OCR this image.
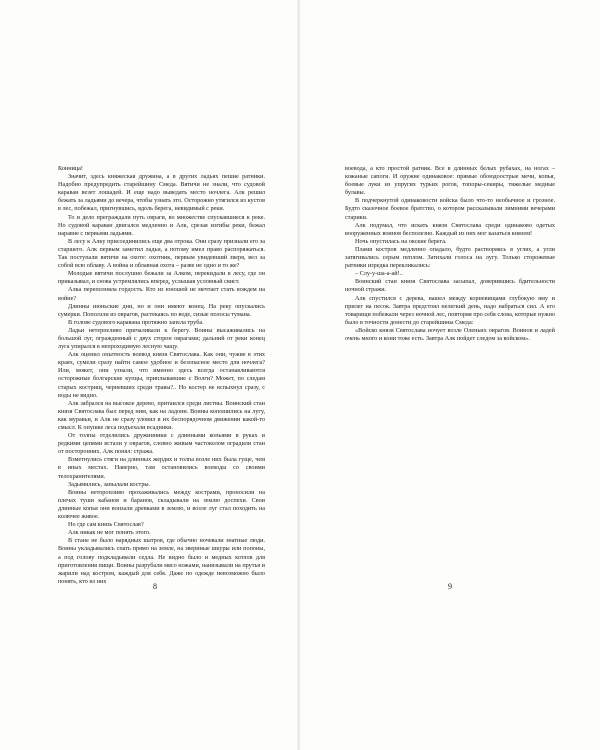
Конница!

Значит, здесь княжеская дружина, а в других ладьях пешие ратники. Надобно предупредить старейшину Смеда. Вятичи не знали, что судовой караван везет лошадей. И еще надо выведать место ночлега. Алк решил бежать за ладьями до вечера, чтобы узнать это. Осторожно утягился из кустов в лес, побежал, пригнувшись, вдоль берега, невидимый с реки.

То и дело преграждали путь овраги, во множестве спускавшиеся к реке. Но судовой караван двигался медленно и Алк, срезая изгибы реки, бежал наравне с первыми ладьями.

В лесу к Алку присоединились еще два отрока. Они сразу признали его за старшего. Алк первым заметил ладьи, а потому имел право распоряжаться. Так поступали вятичи на охоте: охотник, первым увидевший зверя, вел за собой всю облаву. А война и облавная охота – разве не одно и то же?

Молодые вятичи послушно бежали за Алком, перекидали в лесу, где он приказывал, и снова устремлялись вперед, услышав условный свист.

Алка переполняла гордость. Кто из юношей не мечтает стать вождем на войне?

Длинны июньские дни, но и они имеют конец. На реку опускались сумерки. Поползли из оврагов, растекаясь по воде, сизые полосы тумана.

В голове судового каравана протяжно запела труба.

Ладьи нетерпеливо причаливали к берегу. Воины высаживались на большой луг, огражденный с двух сторон оврагами; дальний от реки конец луга упирался в непроходимую лесную чащу.

Алк оценил опытность воевод князя Святослава. Как они, чужие в этих краях, сумели сразу найти самое удобное и безопасное место для ночлега? Или, может, они узнали, что именно здесь всегда останавливаются осторожные болгарские купцы, приплывавшие с Волги? Может, по следам старых кострищ, черневших среди травы?.. Но костер не вспыхнул сразу, с воды не видно.

Алк забрался на высокое дерево, притаился среди листвы. Воинский стан князя Святослава был перед ним, как на ладони. Воины копошились на лугу, как муравьи, и Алк не сразу уловил в их беспорядочном движении какой-то смысл. К опушке леса подъехали всадники.

От толпы отделились дружинники с длинными копьями в руках и редкими цепями встали у оврагов, словно живым частоколом оградили стан от посторонних. Алк понял: стража.

Взметнулись стяги на длинных жердях и толпа возле них была гуще, чем в иных местах. Наверно, там остановились воеводы со своими телохранителями.

Задымились, запылали костры.

Воины неторопливо прохаживались между кострами, проносили на плечах туши кабанов и баранов, складывали на землю доспехи. Свои длинные копья они вонзали древками в землю, и возле луг стал походить на колючее живое.

Но где сам князь Святослав?

Алк никак не мог понять этого.

В стане не было нарядных шатров, где обычно ночевали знатные люди. Воины укладывались спать прямо на земле, на звериные шкуры или попоны, а под голову подкладывали седла. Не видно было и медных котлов для приготовления пищи. Воины разрубали мясо ножами, нанизывали на прутья и жарили над костром, каждый для себя. Даже по одежде невозможно было понять, кто из них

8

воевода, а кто простой ратник. Все в длинных белых рубахах, на ногах – кожаные сапоги. И оружие одинаковое: прямые обоюдоострые мечи, копья, боевые луки из упругих турьих рогов, топоры-секиры, тяжелые медные булавы.

В подчеркнутой одинаковости войска было что-то необычное и грозное. Будто сказочное боевое братство, о котором рассказывали зимними вечерами старики.

Алк подумал, что искать князя Святослава среди одинаково одетых вооруженных воинов бесполезно. Каждый из них мог казаться князем!

Ночь опустилась на окские берега.

Пламя костров медленно опадало, будто растворяясь в углях, а угли затягивались серым пеплом. Затихали голоса на лугу. Только сторожевые ратники изредка перекликались:

– Слу-у-ша-а-ай!..

Воинский стан князя Святослава засыпал, доверившись бдительности ночной стражи.

Алк спустился с дерева, нашел между корневищами глубокую яму и прилег на песок. Завтра предстоял нелегкий день, надо набраться сил. А его товарищи побежали через ночной лес, повторяя про себя слова, которые нужно было в точности донести до старейшины Смеда:

«Войско князя Святослава ночует возле Оленьих оврагов. Воинов и ладей очень много и кони тоже есть. Завтра Алк пойдет следом за войском».

9
